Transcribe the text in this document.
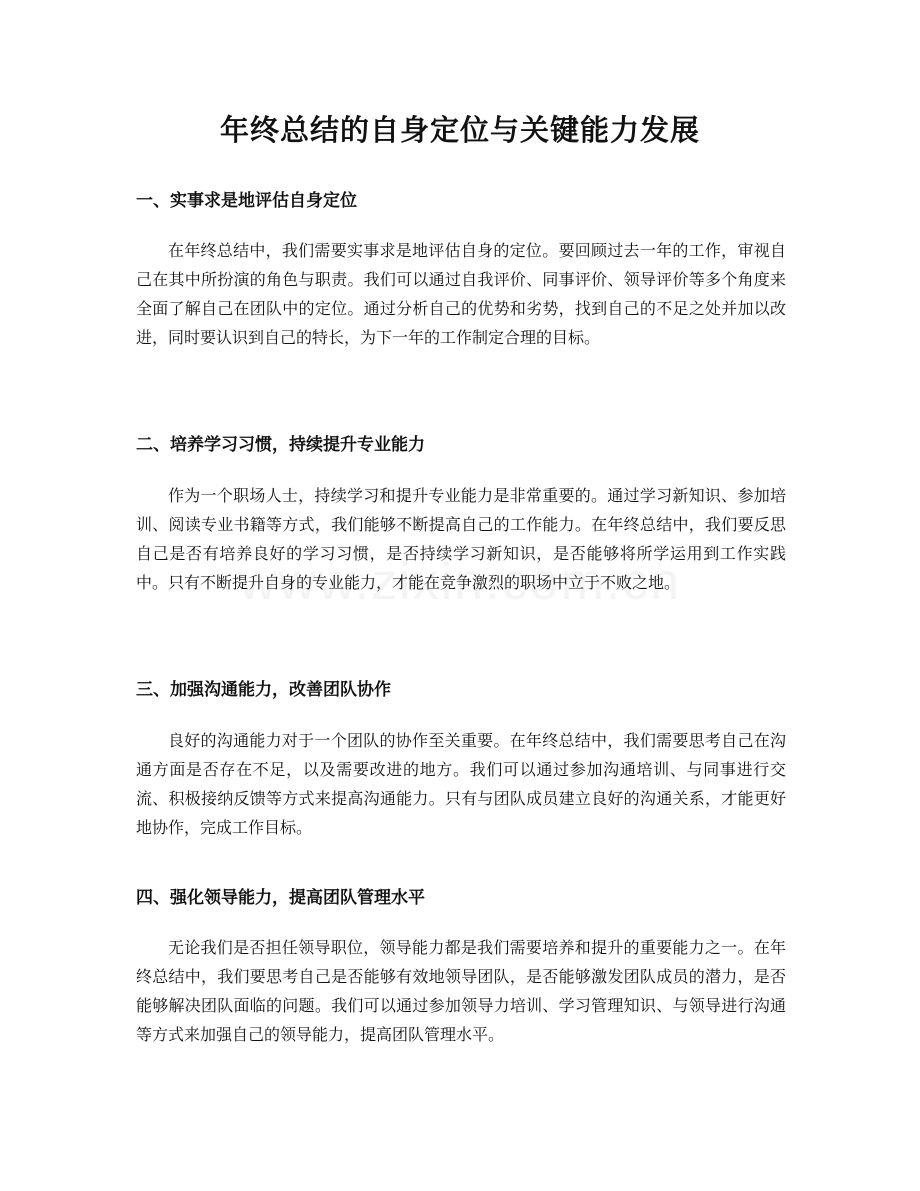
年终总结的自身定位与关键能力发展
一、实事求是地评估自身定位

在年终总结中，我们需要实事求是地评估自身的定位。要回顾过去一年的工作，审视自己在其中所扮演的角色与职责。我们可以通过自我评价、同事评价、领导评价等多个角度来全面了解自己在团队中的定位。通过分析自己的优势和劣势，找到自己的不足之处并加以改进，同时要认识到自己的特长，为下一年的工作制定合理的目标。

二、培养学习习惯，持续提升专业能力

作为一个职场人士，持续学习和提升专业能力是非常重要的。通过学习新知识、参加培训、阅读专业书籍等方式，我们能够不断提高自己的工作能力。在年终总结中，我们要反思自己是否有培养良好的学习习惯，是否持续学习新知识，是否能够将所学运用到工作实践中。只有不断提升自身的专业能力，才能在竞争激烈的职场中立于不败之地。

三、加强沟通能力，改善团队协作

良好的沟通能力对于一个团队的协作至关重要。在年终总结中，我们需要思考自己在沟通方面是否存在不足，以及需要改进的地方。我们可以通过参加沟通培训、与同事进行交流、积极接纳反馈等方式来提高沟通能力。只有与团队成员建立良好的沟通关系，才能更好地协作，完成工作目标。

四、强化领导能力，提高团队管理水平

无论我们是否担任领导职位，领导能力都是我们需要培养和提升的重要能力之一。在年终总结中，我们要思考自己是否能够有效地领导团队，是否能够激发团队成员的潜力，是否能够解决团队面临的问题。我们可以通过参加领导力培训、学习管理知识、与领导进行沟通等方式来加强自己的领导能力，提高团队管理水平。
